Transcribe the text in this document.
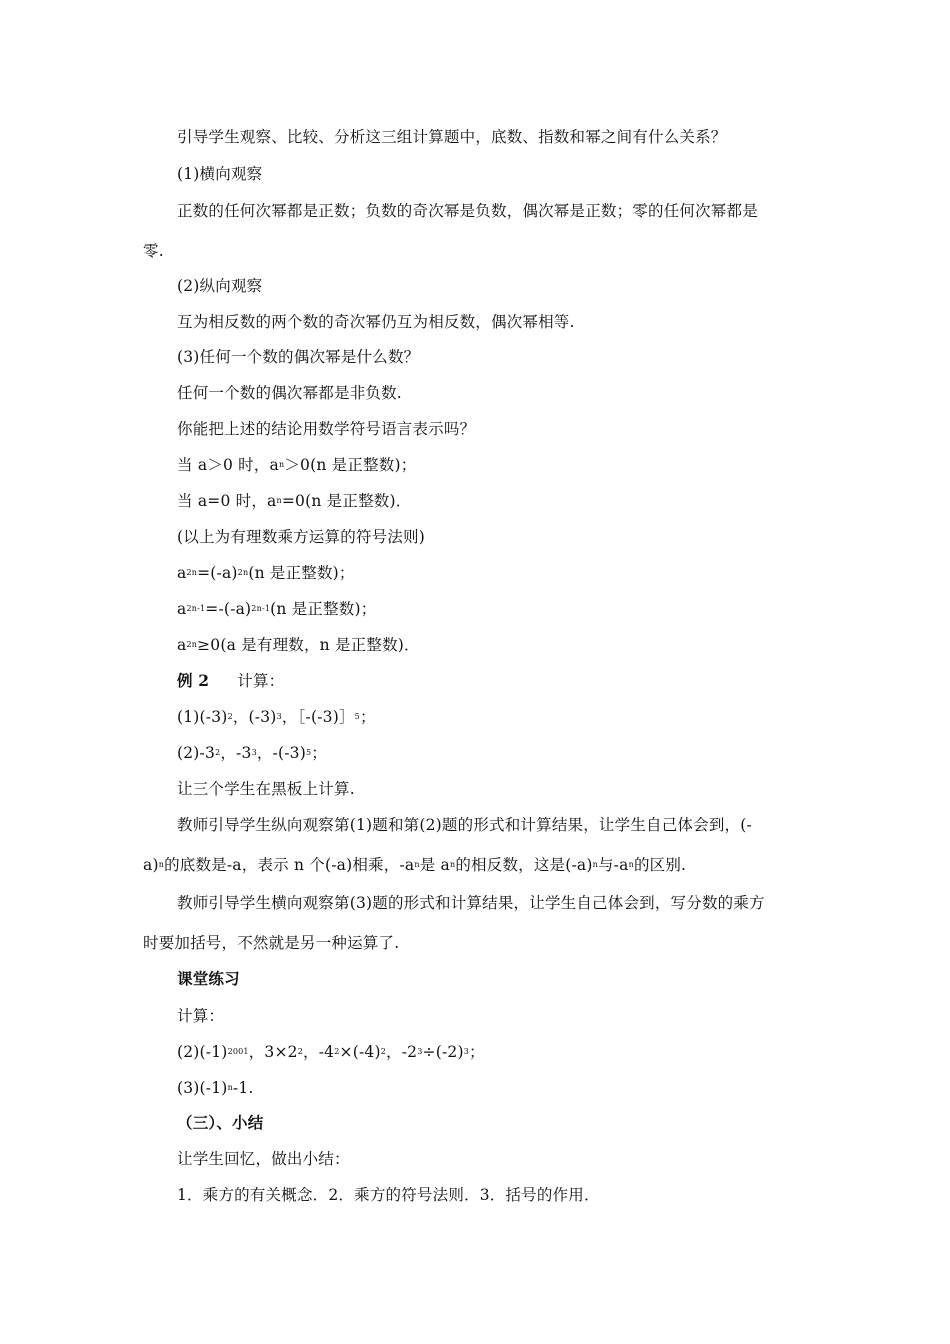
引导学生观察、比较、分析这三组计算题中，底数、指数和幂之间有什么关系？
(1)横向观察
正数的任何次幂都是正数；负数的奇次幂是负数，偶次幂是正数；零的任何次幂都是
零.
(2)纵向观察
互为相反数的两个数的奇次幂仍互为相反数，偶次幂相等.
(3)任何一个数的偶次幂是什么数？
任何一个数的偶次幂都是非负数.
你能把上述的结论用数学符号语言表示吗？
当 a＞0 时，$a^n>0(n$ 是正整数)；
当 a=0 时，$a^n=0(n$ 是正整数)．
(以上为有理数乘方运算的符号法则)
$a^{2n}=(-a)^{2n}(n$ 是正整数)；
$a^{2n-1}=-(-a)^{2n-1}(n$ 是正整数)；
$a^{2n}\ge 0(a$ 是有理数，n 是正整数)．
例 2 计算：
$(1)(-3)^2$，$(-3)^3$，［-(-3)］$^5$；
$(2)-3^2$，$-3^3$，$-(-3)^5$；
让三个学生在黑板上计算.
教师引导学生纵向观察第(1)题和第(2)题的形式和计算结果，让学生自己体会到，(-
a)$^n$的底数是-a，表示 n 个(-a)相乘，$-a^n$是 $a^n$的相反数，这是$(-a)^n$与$-a^n$的区别.
教师引导学生横向观察第(3)题的形式和计算结果，让学生自己体会到，写分数的乘方
时要加括号，不然就是另一种运算了.
课堂练习
计算：
$(2)(-1)^{2001}$，$3\times 2^2$，$-4^2\times(-4)^2$，$-2^3\div(-2)^3$；
$(3)(-1)^n-1$.
（三）、小结
让学生回忆，做出小结：
1．乘方的有关概念．2．乘方的符号法则．3．括号的作用．
